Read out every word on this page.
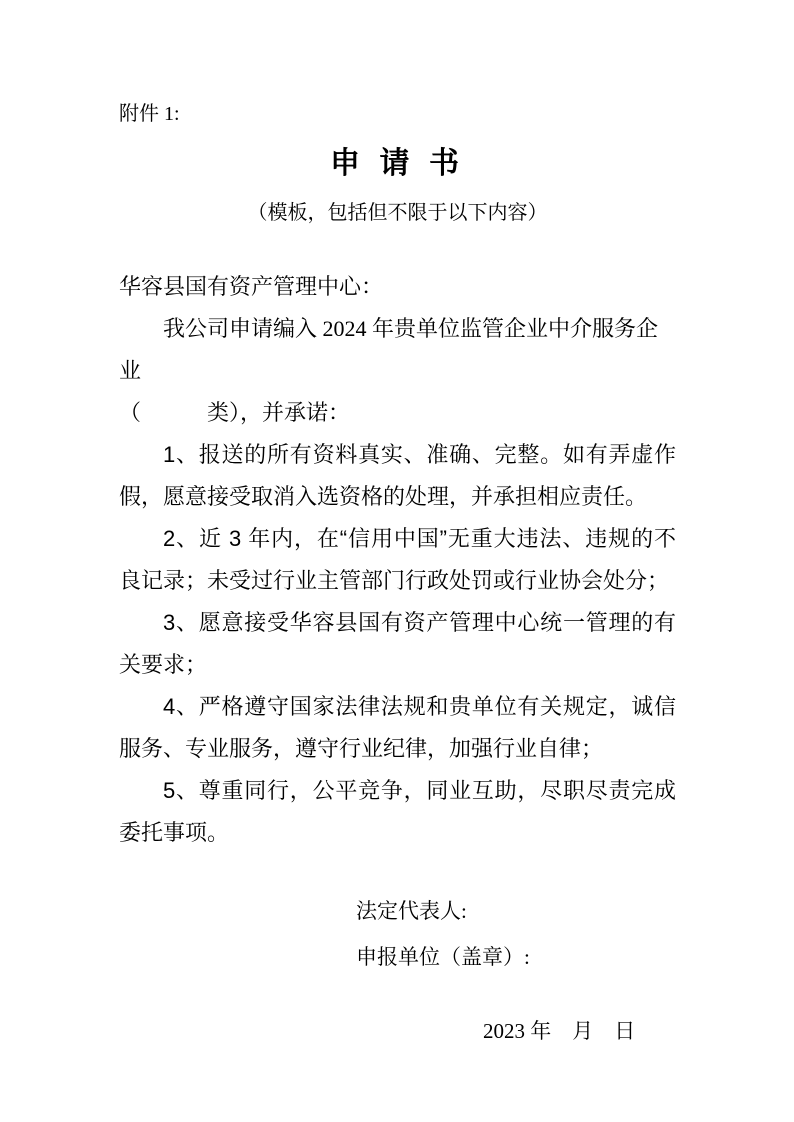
附件 1:
申 请 书
（模板，包括但不限于以下内容）
华容县国有资产管理中心：
我公司申请编入 2024 年贵单位监管企业中介服务企业
（　　　类），并承诺：

1、报送的所有资料真实、准确、完整。如有弄虚作假，愿意接受取消入选资格的处理，并承担相应责任。

2、近 3 年内，在“信用中国”无重大违法、违规的不良记录；未受过行业主管部门行政处罚或行业协会处分；

3、愿意接受华容县国有资产管理中心统一管理的有关要求；

4、严格遵守国家法律法规和贵单位有关规定，诚信服务、专业服务，遵守行业纪律，加强行业自律；

5、尊重同行，公平竞争，同业互助，尽职尽责完成委托事项。

法定代表人:
申报单位（盖章）:
2023 年    月    日
